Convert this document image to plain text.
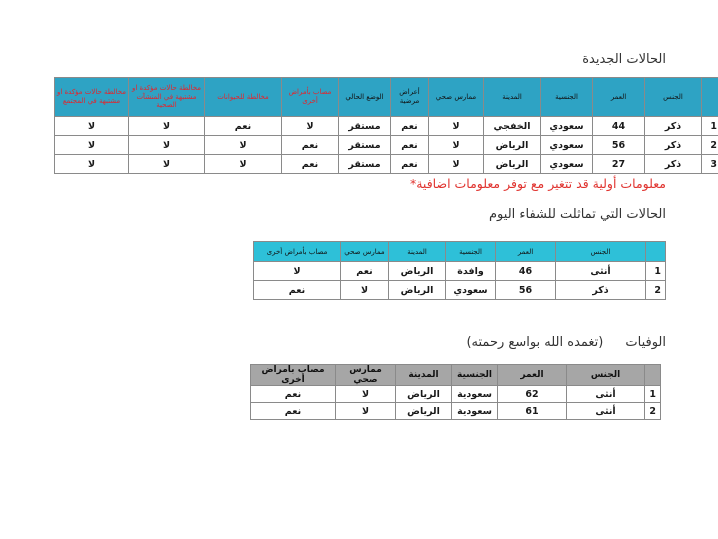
الحالات الجديدة
	الجنس	العمر	الجنسية	المدينة	ممارس صحي	أعراض مرضية	الوضع الحالي	مصاب بأمراض أخرى	مخالطة للحيوانات	مخالطة حالات مؤكدة او مشتبهة في المنشآت الصحية	مخالطة حالات مؤكدة او مشتبهة في المجتمع
1	ذكر	44	سعودي	الخفجي	لا	نعم	مستقر	لا	نعم	لا	لا
2	ذكر	56	سعودي	الرياض	لا	نعم	مستقر	نعم	لا	لا	لا
3	ذكر	27	سعودي	الرياض	لا	نعم	مستقر	نعم	لا	لا	لا

معلومات أولية قد تتغير مع توفر معلومات اضافية*

الحالات التي تماثلت للشفاء اليوم
	الجنس	العمر	الجنسية	المدينة	ممارس صحي	مصاب بأمراض أخرى
1	أنثى	46	وافدة	الرياض	نعم	لا
2	ذكر	56	سعودي	الرياض	لا	نعم
الوفيات
(تغمده الله بواسع رحمته)
	الجنس	العمر	الجنسية	المدينة	ممارس صحي	مصاب بأمراض أخرى
1	أنثى	62	سعودية	الرياض	لا	نعم
2	أنثى	61	سعودية	الرياض	لا	نعم
